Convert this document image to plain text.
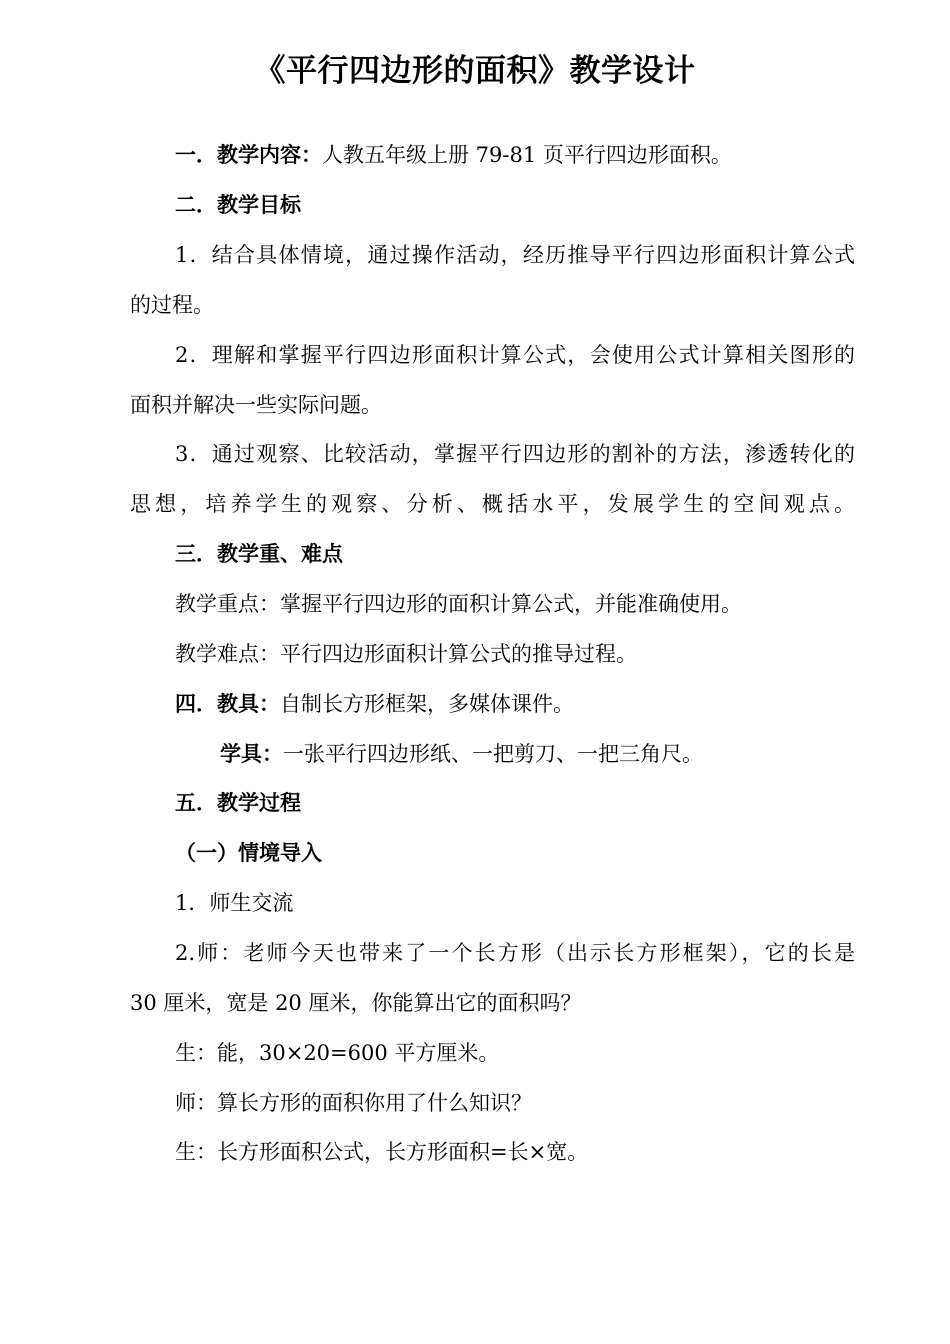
《平行四边形的面积》教学设计
一．教学内容：人教五年级上册 79-81 页平行四边形面积。
二．教学目标
1．结合具体情境，通过操作活动，经历推导平行四边形面积计算公式
的过程。
2．理解和掌握平行四边形面积计算公式，会使用公式计算相关图形的
面积并解决一些实际问题。
3．通过观察、比较活动，掌握平行四边形的割补的方法，渗透转化的
思想，培养学生的观察、分析、概括水平，发展学生的空间观点。
三．教学重、难点
教学重点：掌握平行四边形的面积计算公式，并能准确使用。
教学难点：平行四边形面积计算公式的推导过程。
四．教具：自制长方形框架，多媒体课件。
学具：一张平行四边形纸、一把剪刀、一把三角尺。
五．教学过程
（一）情境导入
1．师生交流
2.师：老师今天也带来了一个长方形（出示长方形框架），它的长是
30 厘米，宽是 20 厘米，你能算出它的面积吗？
生：能，30×20=600 平方厘米。
师：算长方形的面积你用了什么知识？
生：长方形面积公式，长方形面积=长×宽。
